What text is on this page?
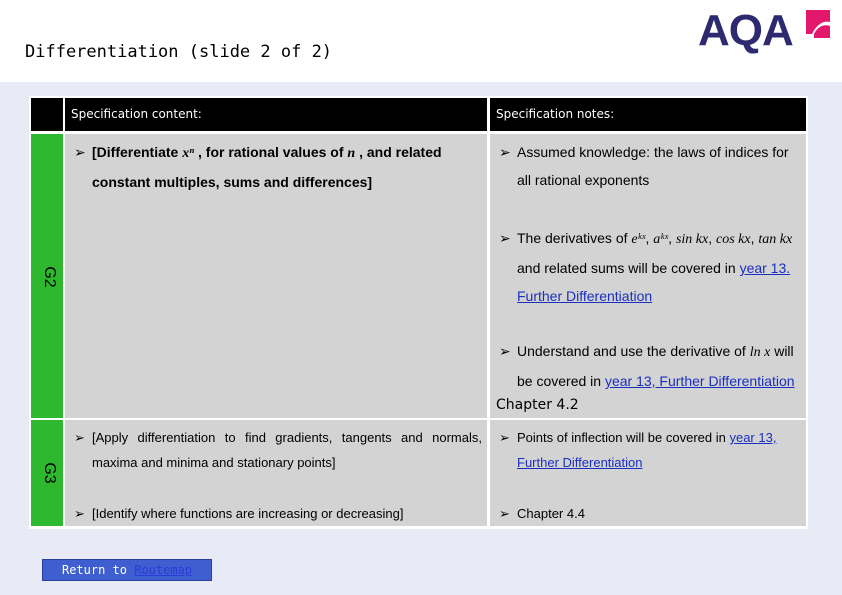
Differentiation (slide 2 of 2)	AQA
Specification content:	Specification notes:
G2
➢ [Differentiate xⁿ , for rational values of n , and related constant multiples, sums and differences]
➢ Assumed knowledge: the laws of indices for all rational exponents
➢ The derivatives of eᵏˣ, aᵏˣ, sin kx, cos kx, tan kx and related sums will be covered in year 13. Further Differentiation
➢ Understand and use the derivative of ln x will be covered in year 13, Further Differentiation
Chapter 4.2
G3
➢ [Apply differentiation to find gradients, tangents and normals, maxima and minima and stationary points]
➢ [Identify where functions are increasing or decreasing]
➢ Points of inflection will be covered in year 13, Further Differentiation
➢ Chapter 4.4
Return to Routemap
